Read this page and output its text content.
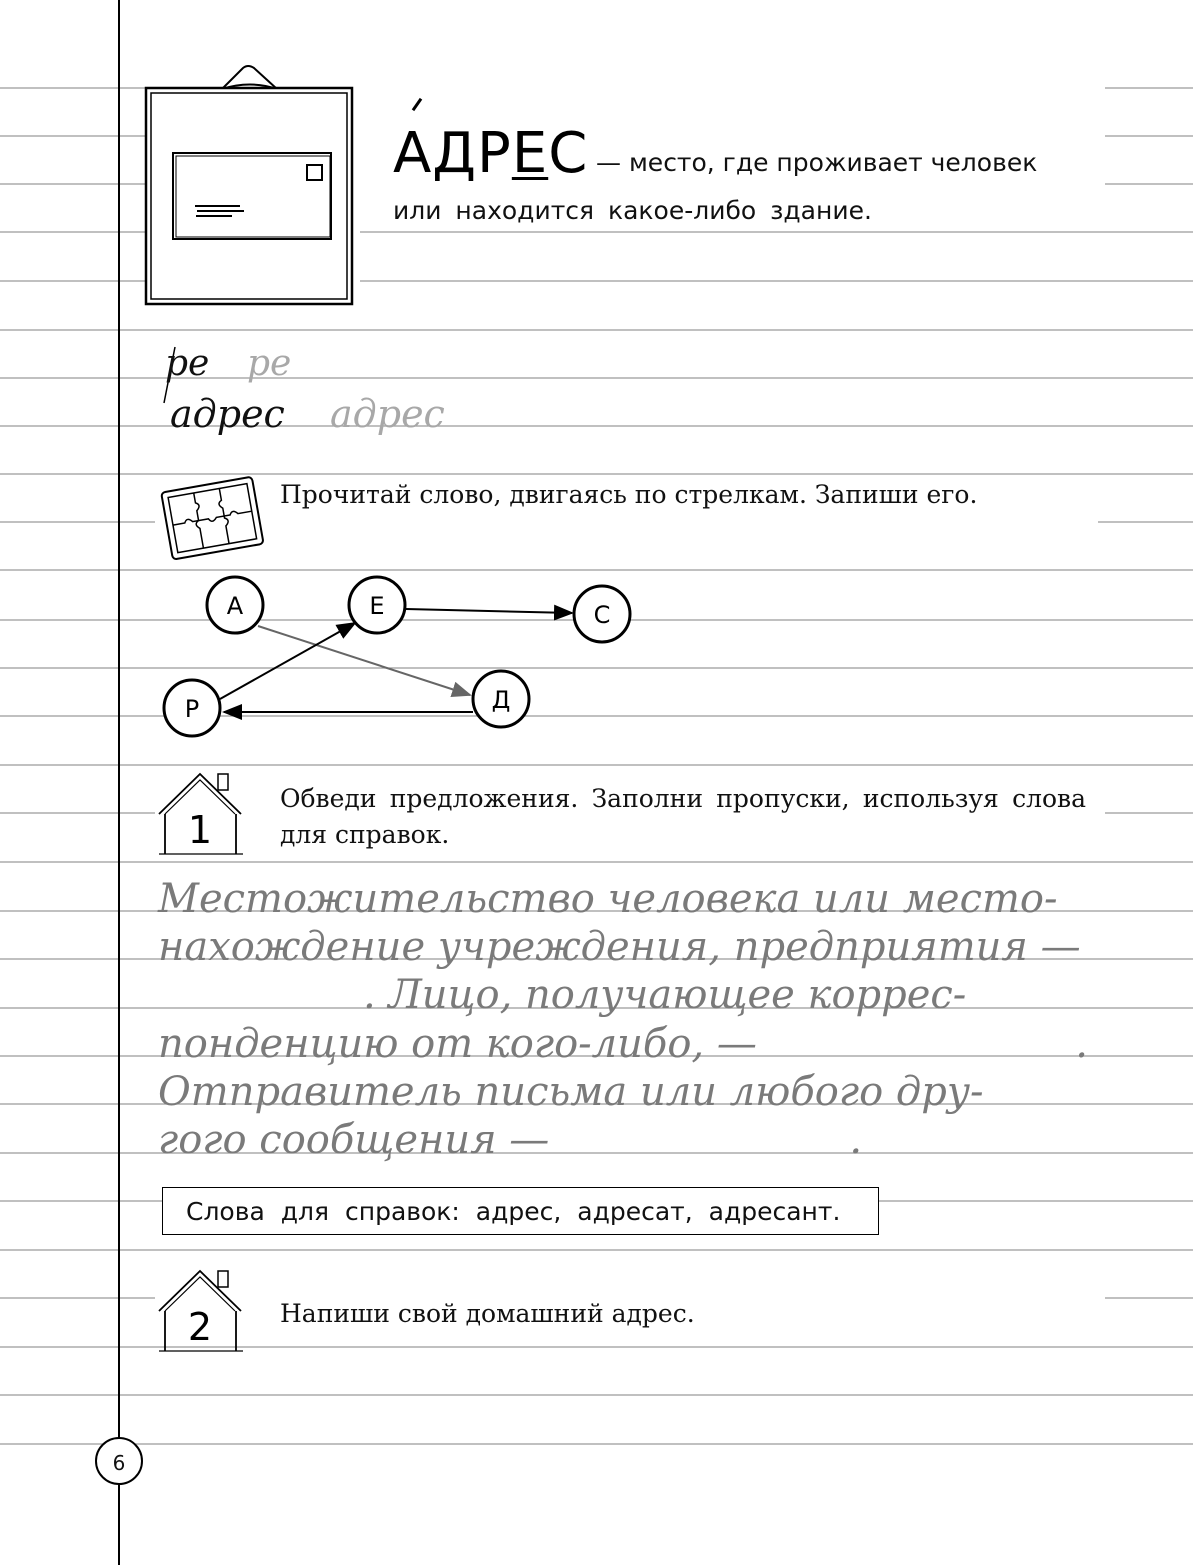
АДРЕС — место, где проживает человек
или находится какое-либо здание.
ре ре
адрес адрес
Прочитай слово, двигаясь по стрелкам. Запиши его.
А	Е	С
Р	Д
1
Обведи предложения. Заполни пропуски, используя слова для справок.
Местожительство человека или место-
нахождение учреждения, предприятия —
. Лицо, получающее коррес-
понденцию от кого-либо, —	.
Отправитель письма или любого дру-
гого сообщения —	.
Слова для справок: адрес, адресат, адресант.
2	Напиши свой домашний адрес.
6
